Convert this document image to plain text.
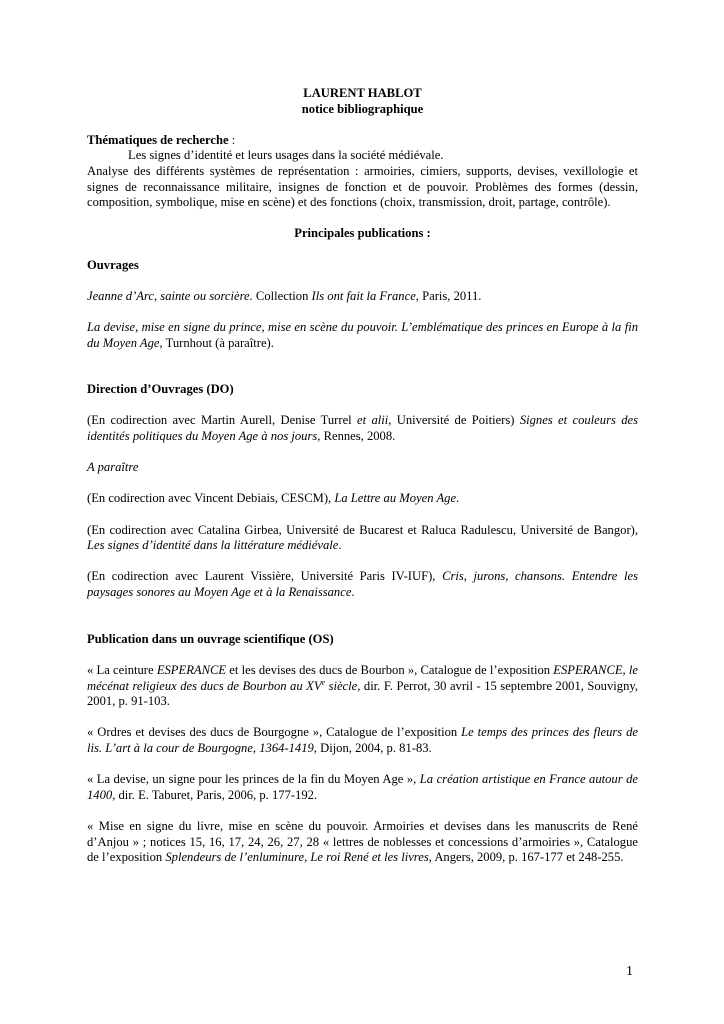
LAURENT HABLOT

notice bibliographique

Thématiques de recherche :

Les signes d’identité et leurs usages dans la société médiévale.

Analyse des différents systèmes de représentation : armoiries, cimiers, supports, devises, vexillologie et signes de reconnaissance militaire, insignes de fonction et de pouvoir. Problèmes des formes (dessin, composition, symbolique, mise en scène) et des fonctions (choix, transmission, droit, partage, contrôle).

Principales publications :

Ouvrages

Jeanne d’Arc, sainte ou sorcière. Collection Ils ont fait la France, Paris, 2011.

La devise, mise en signe du prince, mise en scène du pouvoir. L’emblématique des princes en Europe à la fin du Moyen Age, Turnhout (à paraître).

Direction d’Ouvrages (DO)

(En codirection avec Martin Aurell, Denise Turrel et alii, Université de Poitiers) Signes et couleurs des identités politiques du Moyen Age à nos jours, Rennes, 2008.

A paraître

(En codirection avec Vincent Debiais, CESCM), La Lettre au Moyen Age.

(En codirection avec Catalina Girbea, Université de Bucarest et Raluca Radulescu, Université de Bangor), Les signes d’identité dans la littérature médiévale.

(En codirection avec Laurent Vissière, Université Paris IV-IUF), Cris, jurons, chansons. Entendre les paysages sonores au Moyen Age et à la Renaissance.

Publication dans un ouvrage scientifique (OS)

« La ceinture ESPERANCE et les devises des ducs de Bourbon », Catalogue de l’exposition ESPERANCE, le mécénat religieux des ducs de Bourbon au XVe siècle, dir. F. Perrot, 30 avril - 15 septembre 2001, Souvigny, 2001, p. 91-103.

« Ordres et devises des ducs de Bourgogne », Catalogue de l’exposition Le temps des princes des fleurs de lis. L’art à la cour de Bourgogne, 1364-1419, Dijon, 2004, p. 81-83.

« La devise, un signe pour les princes de la fin du Moyen Age », La création artistique en France autour de 1400, dir. E. Taburet, Paris, 2006, p. 177-192.

« Mise en signe du livre, mise en scène du pouvoir. Armoiries et devises dans les manuscrits de René d’Anjou » ; notices 15, 16, 17, 24, 26, 27, 28 « lettres de noblesses et concessions d’armoiries », Catalogue de l’exposition Splendeurs de l’enluminure, Le roi René et les livres, Angers, 2009, p. 167-177 et 248-255.

1
